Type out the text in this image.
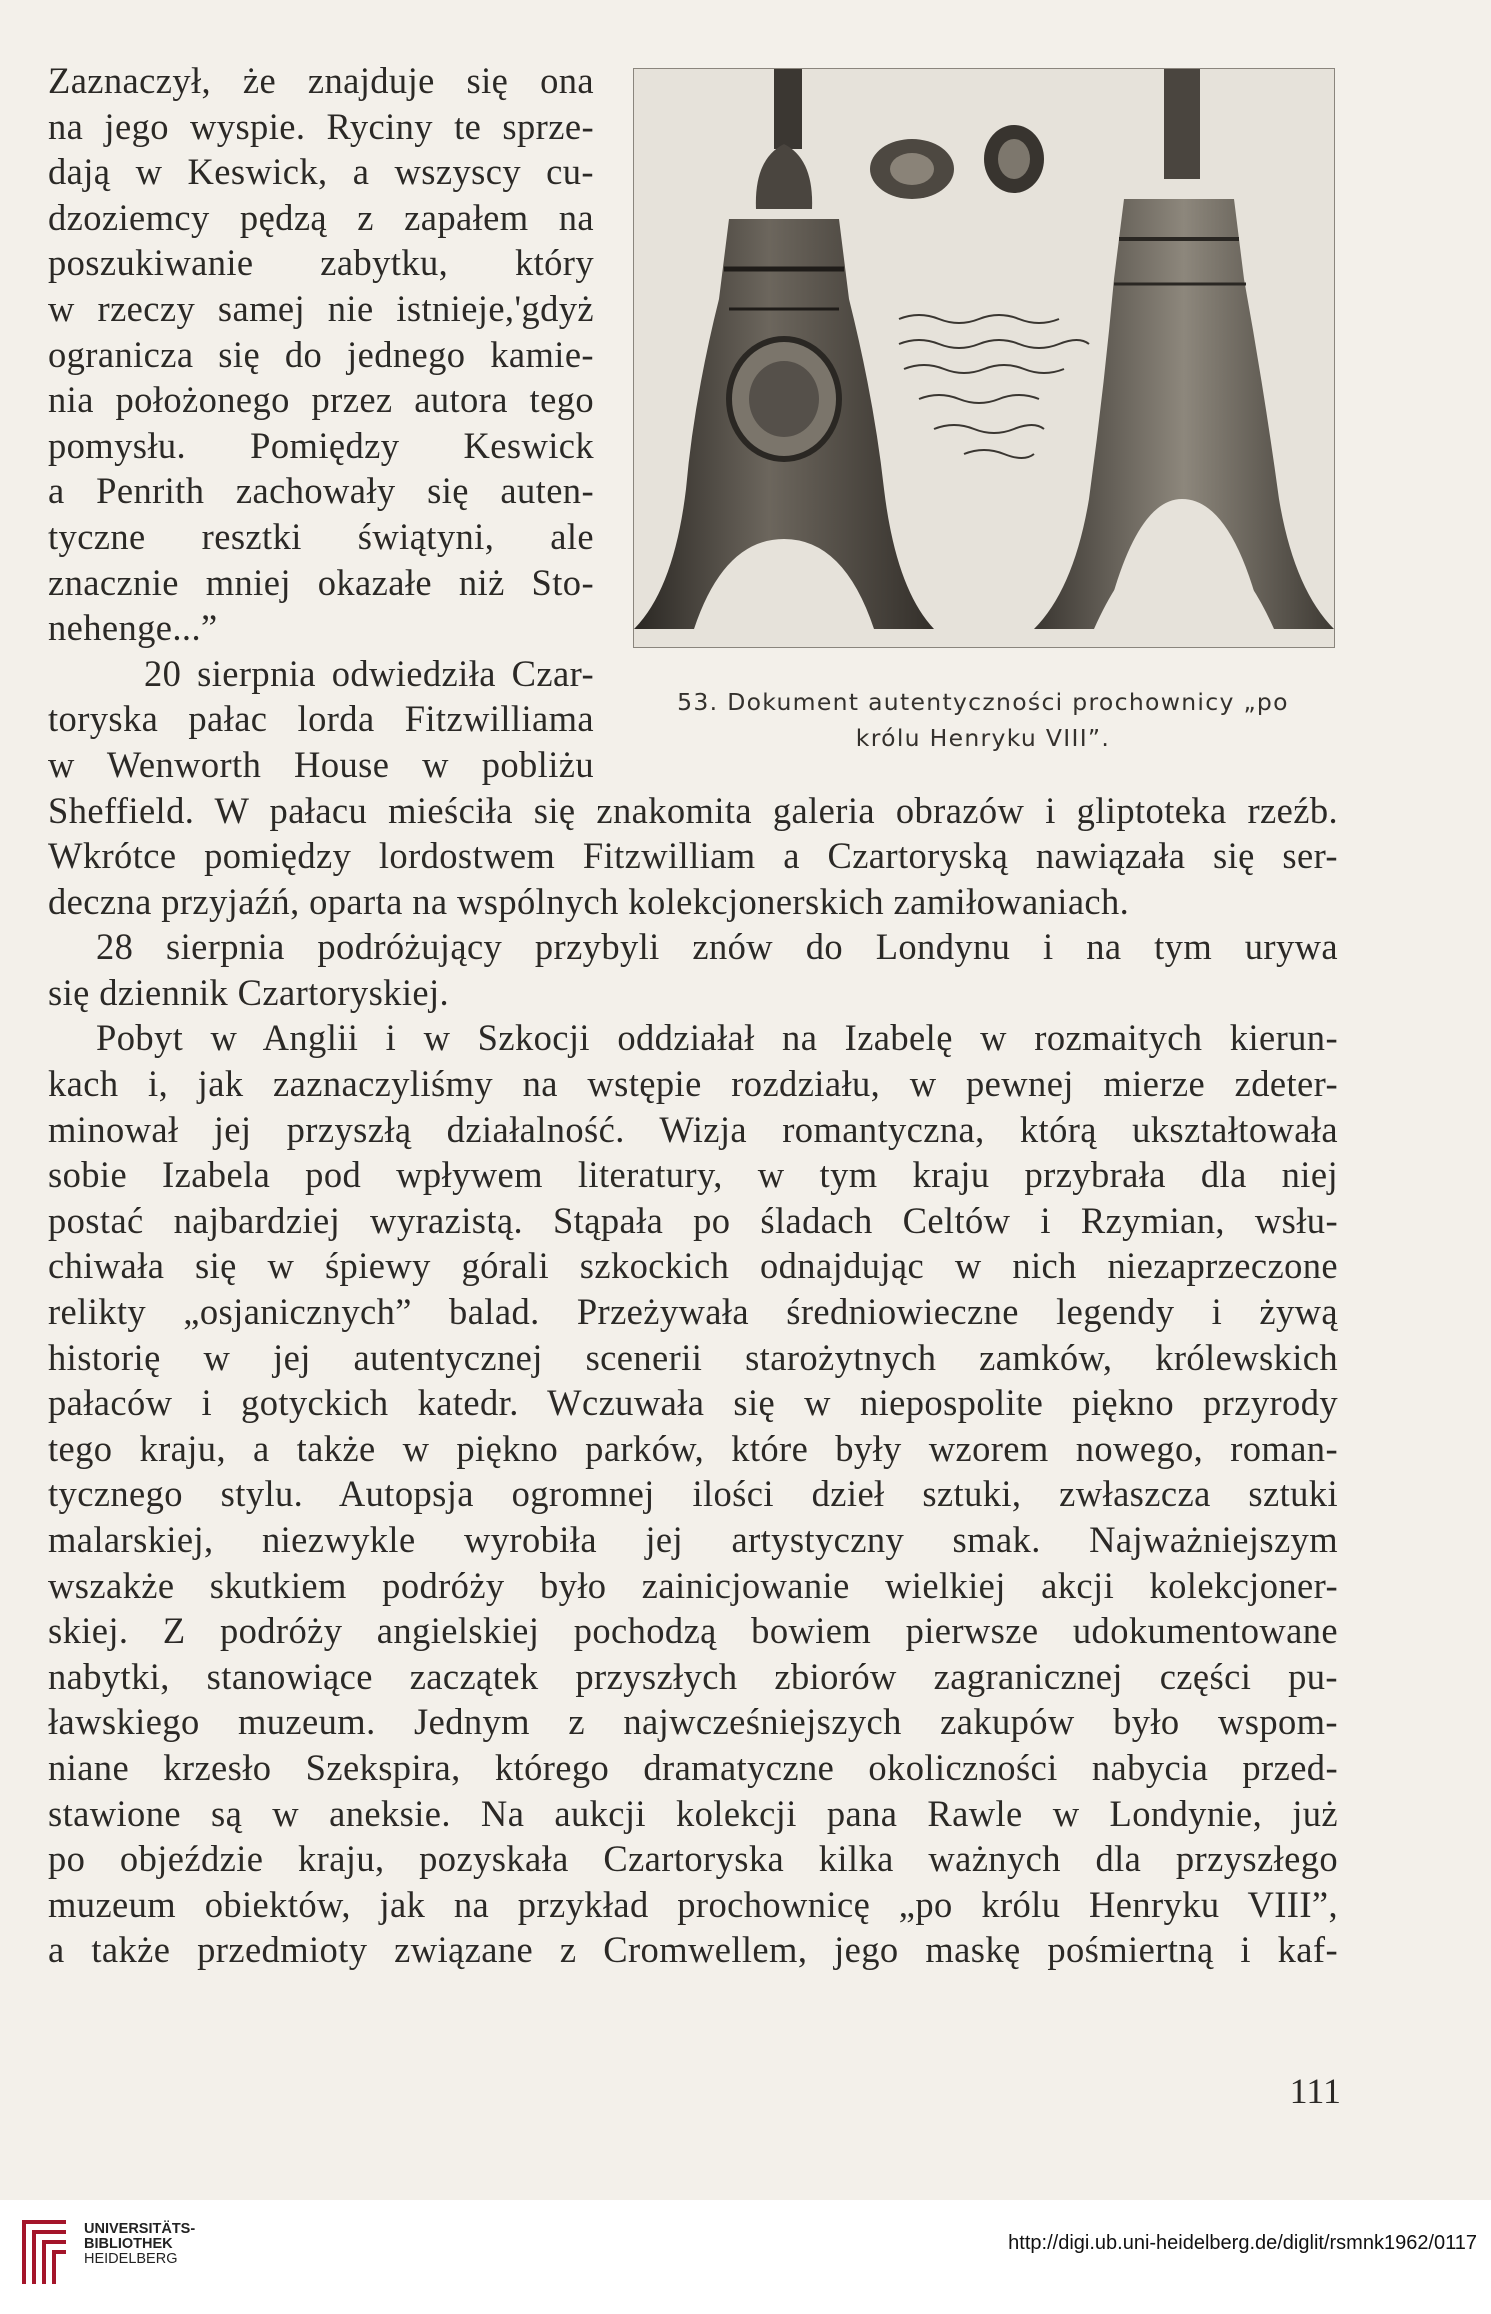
Zaznaczył, że znajduje się ona
na jego wyspie. Ryciny te sprze-
dają w Keswick, a wszyscy cu-
dzoziemcy pędzą z zapałem na
poszukiwanie zabytku, który
w rzeczy samej nie istnieje,'gdyż
ogranicza się do jednego kamie-
nia położonego przez autora tego
pomysłu. Pomiędzy Keswick
a Penrith zachowały się auten-
tyczne resztki świątyni, ale
znacznie mniej okazałe niż Sto-
nehenge...”
20 sierpnia odwiedziła Czar-
toryska pałac lorda Fitzwilliama
w Wenworth House w pobliżu
Sheffield. W pałacu mieściła się znakomita galeria obrazów i gliptoteka rzeźb.
Wkrótce pomiędzy lordostwem Fitzwilliam a Czartoryską nawiązała się ser-
deczna przyjaźń, oparta na wspólnych kolekcjonerskich zamiłowaniach.
28 sierpnia podróżujący przybyli znów do Londynu i na tym urywa
się dziennik Czartoryskiej.
Pobyt w Anglii i w Szkocji oddziałał na Izabelę w rozmaitych kierun-
kach i, jak zaznaczyliśmy na wstępie rozdziału, w pewnej mierze zdeter-
minował jej przyszłą działalność. Wizja romantyczna, którą ukształtowała
sobie Izabela pod wpływem literatury, w tym kraju przybrała dla niej
postać najbardziej wyrazistą. Stąpała po śladach Celtów i Rzymian, wsłu-
chiwała się w śpiewy górali szkockich odnajdując w nich niezaprzeczone
relikty „osjanicznych” balad. Przeżywała średniowieczne legendy i żywą
historię w jej autentycznej scenerii starożytnych zamków, królewskich
pałaców i gotyckich katedr. Wczuwała się w niepospolite piękno przyrody
tego kraju, a także w piękno parków, które były wzorem nowego, roman-
tycznego stylu. Autopsja ogromnej ilości dzieł sztuki, zwłaszcza sztuki
malarskiej, niezwykle wyrobiła jej artystyczny smak. Najważniejszym
wszakże skutkiem podróży było zainicjowanie wielkiej akcji kolekcjoner-
skiej. Z podróży angielskiej pochodzą bowiem pierwsze udokumentowane
nabytki, stanowiące zaczątek przyszłych zbiorów zagranicznej części pu-
ławskiego muzeum. Jednym z najwcześniejszych zakupów było wspom-
niane krzesło Szekspira, którego dramatyczne okoliczności nabycia przed-
stawione są w aneksie. Na aukcji kolekcji pana Rawle w Londynie, już
po objeździe kraju, pozyskała Czartoryska kilka ważnych dla przyszłego
muzeum obiektów, jak na przykład prochownicę „po królu Henryku VIII”,
a także przedmioty związane z Cromwellem, jego maskę pośmiertną i kaf-
53. Dokument autentyczności prochownicy „po
królu Henryku VIII”.
111
UNIVERSITÄTS-
BIBLIOTHEK
HEIDELBERG
http://digi.ub.uni-heidelberg.de/diglit/rsmnk1962/0117
